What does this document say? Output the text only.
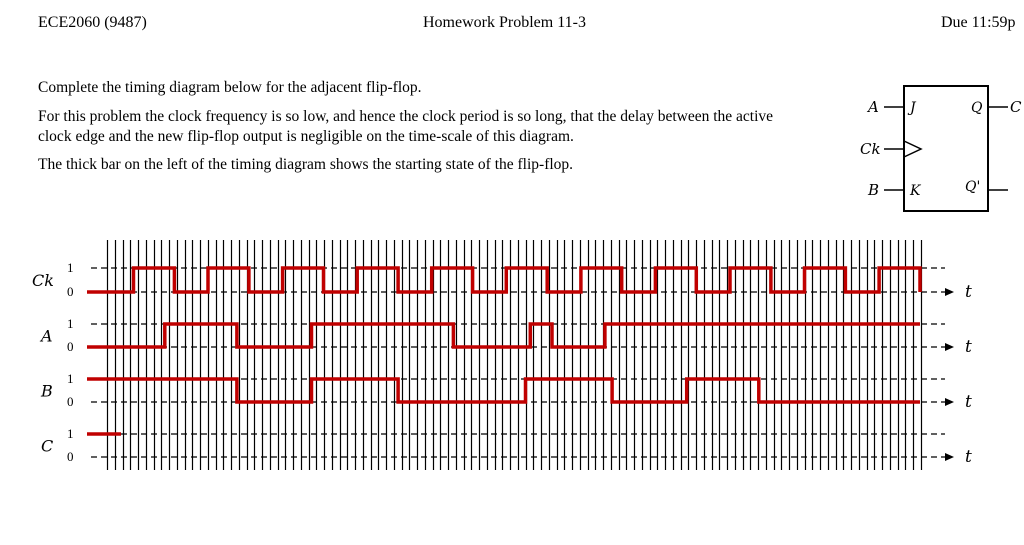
ECE2060 (9487)	Homework Problem 11-3	Due 11:59p
Complete the timing diagram below for the adjacent flip-flop.
For this problem the clock frequency is so low, and hence the clock period is so long, that the delay between the active clock edge and the new flip-flop output is negligible on the time-scale of this diagram.
The thick bar on the left of the timing diagram shows the starting state of the flip-flop.
A
Ck
B
J
K
Q
Q'
C
t
1
0
Ck
t
1
0
A
t
1
0
B
t
1
0
C
